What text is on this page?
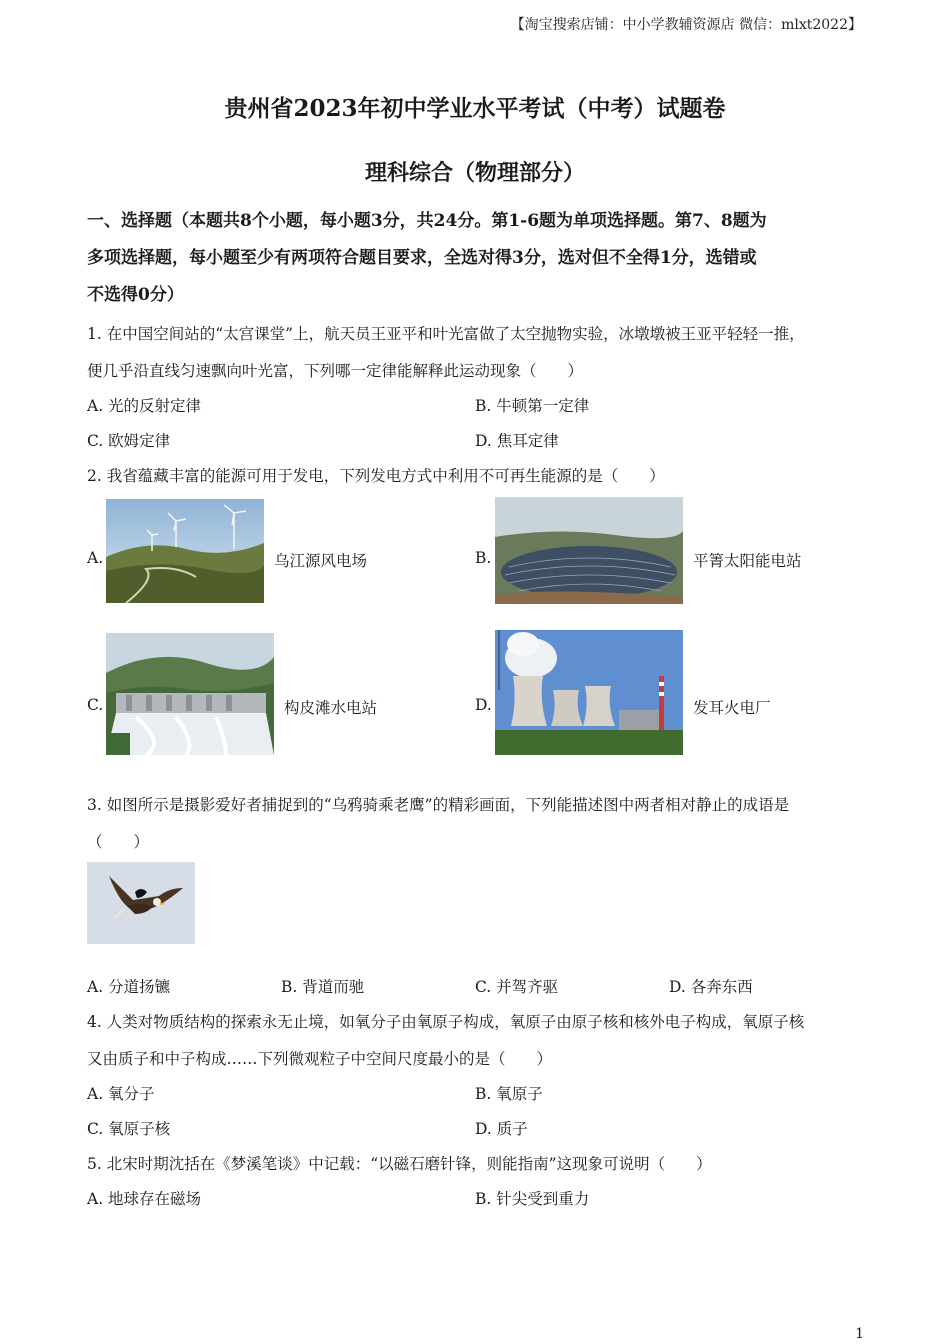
【淘宝搜索店铺：中小学教辅资源店 微信：mlxt2022】
贵州省2023年初中学业水平考试（中考）试题卷
理科综合（物理部分）
一、选择题（本题共8个小题，每小题3分，共24分。第1-6题为单项选择题。第7、8题为
多项选择题，每小题至少有两项符合题目要求，全选对得3分，选对但不全得1分，选错或
不选得0分）
1. 在中国空间站的“太宫课堂”上，航天员王亚平和叶光富做了太空抛物实验，冰墩墩被王亚平轻轻一推，
便几乎沿直线匀速飘向叶光富，下列哪一定律能解释此运动现象（　　）
A. 光的反射定律	B. 牛顿第一定律
C. 欧姆定律	D. 焦耳定律
2. 我省蕴藏丰富的能源可用于发电，下列发电方式中利用不可再生能源的是（　　）
A.	乌江源风电场	B.	平箐太阳能电站
C.	构皮滩水电站	D.	发耳火电厂
3. 如图所示是摄影爱好者捕捉到的“乌鸦骑乘老鹰”的精彩画面，下列能描述图中两者相对静止的成语是
（　　）
A. 分道扬镳	B. 背道而驰	C. 并驾齐驱	D. 各奔东西
4. 人类对物质结构的探索永无止境，如氧分子由氧原子构成，氧原子由原子核和核外电子构成，氧原子核
又由质子和中子构成……下列微观粒子中空间尺度最小的是（　　）
A. 氧分子	B. 氧原子
C. 氧原子核	D. 质子
5. 北宋时期沈括在《梦溪笔谈》中记载：“以磁石磨针锋，则能指南”这现象可说明（　　）
A. 地球存在磁场	B. 针尖受到重力
1
